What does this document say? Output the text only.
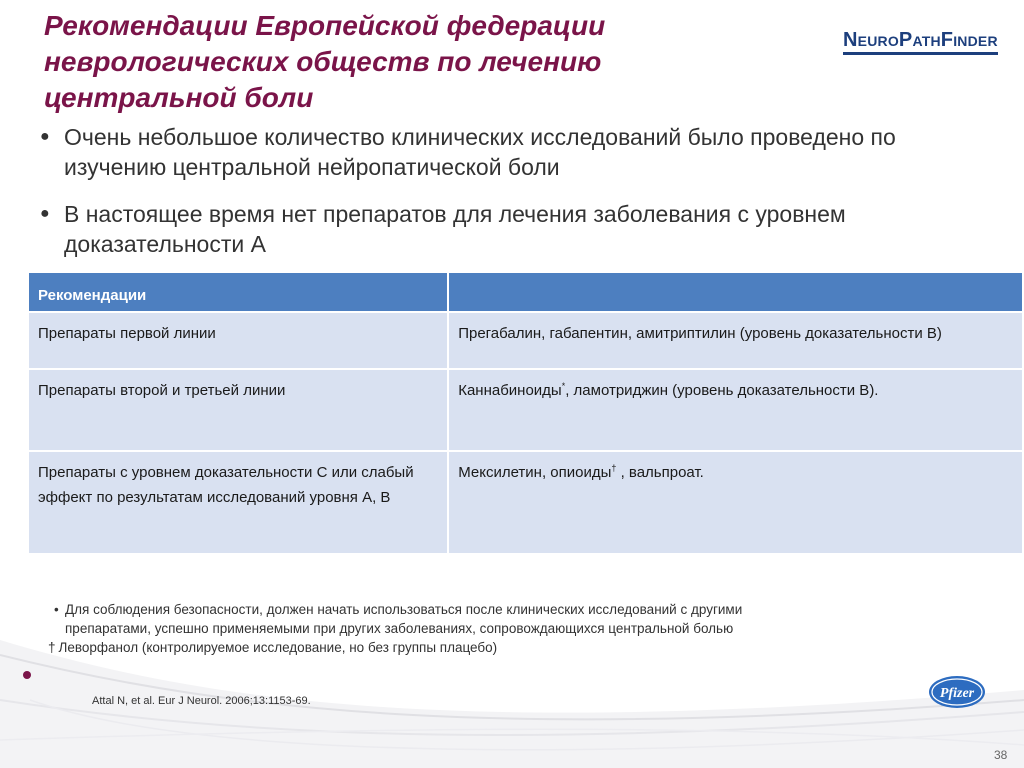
Рекомендации Европейской федерации
неврологических обществ по лечению
центральной боли
NEUROPATHFINDER
● Очень небольшое количество клинических исследований было проведено по изучению центральной нейропатической боли
● В настоящее время нет препаратов для лечения заболевания с уровнем доказательности А
Рекомендации	
Препараты первой линии	Прегабалин, габапентин, амитриптилин (уровень доказательности В)
Препараты второй и третьей линии	Каннабиноиды*, ламотриджин (уровень доказательности В).
Препараты с уровнем доказательности С или слабый эффект по результатам исследований уровня А, В	Мексилетин, опиоиды† , вальпроат.
• Для соблюдения безопасности, должен начать использоваться после клинических исследований с другими
препаратами, успешно применяемыми при других заболеваниях, сопровождающихся центральной болью
† Леворфанол (контролируемое исследование, но без группы плацебо)
Attal N, et al. Eur J Neurol. 2006;13:1153-69.	Pfizer
38
